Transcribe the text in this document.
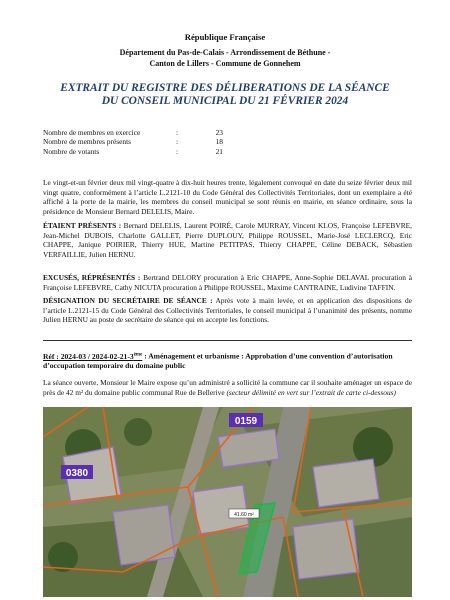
République Française
Département du Pas-de-Calais - Arrondissement de Béthune -
Canton de Lillers - Commune de Gonnehem
EXTRAIT DU REGISTRE DES DÉLIBERATIONS DE LA SÉANCE
DU CONSEIL MUNICIPAL DU 21 FÉVRIER 2024
Nombre de membres en exercice	:	23
Nombre de membres présents	:	18
Nombre de votants	:	21
Le vingt-et-un février deux mil vingt-quatre à dix-huit heures trente, légalement convoqué en date du seize février deux mil vingt quatre, conformément à l’article L.2121-10 du Code Général des Collectivités Territoriales, dont un exemplaire a été affiché à la porte de la mairie, les membres du conseil municipal se sont réunis en mairie, en séance ordinaire, sous la présidence de Monsieur Bernard DELELIS, Maire.
ÉTAIENT PRÉSENTS : Bernard DELELIS, Laurent POIRÉ, Carole MURRAY, Vincent KLOS, Françoise LEFEBVRE, Jean-Michel DUBOIS, Charlotte GALLET, Pierre DUPLOUY, Philippe ROUSSEL, Marie-José LECLERCQ, Eric CHAPPE, Janique POIRIER, Thierry HUE, Martine PETITPAS, Thierry CHAPPE, Céline DEBACK, Sébastien VERFAILLIE, Julien HERNU.
EXCUSÉS, RÉPRÉSENTÉS : Bertrand DELORY procuration à Eric CHAPPE, Anne-Sophie DELAVAL procuration à Françoise LEFEBVRE, Cathy NICUTA procuration à Philippe ROUSSEL, Maxime CANTRAINE, Ludivine TAFFIN.
DÉSIGNATION DU SECRÉTAIRE DE SÉANCE : Après vote à main levée, et en application des dispositions de l’article L.2121-15 du Code Général des Collectivités Territoriales, le conseil municipal à l’unanimité des présents, nomme Julien HERNU au poste de secrétaire de séance qui en accepte les fonctions.
Réf : 2024-03 / 2024-02-21-3ème : Aménagement et urbanisme : Approbation d’une convention d’autorisation d’occupation temporaire du domaine public
La séance ouverte, Monsieur le Maire expose qu’un administré a sollicité la commune car il souhaite aménager un espace de près de 42 m² du domaine public communal Rue de Bellerive (secteur délimité en vert sur l’extrait de carte ci-dessous)
41.60 m²
0380
0159
